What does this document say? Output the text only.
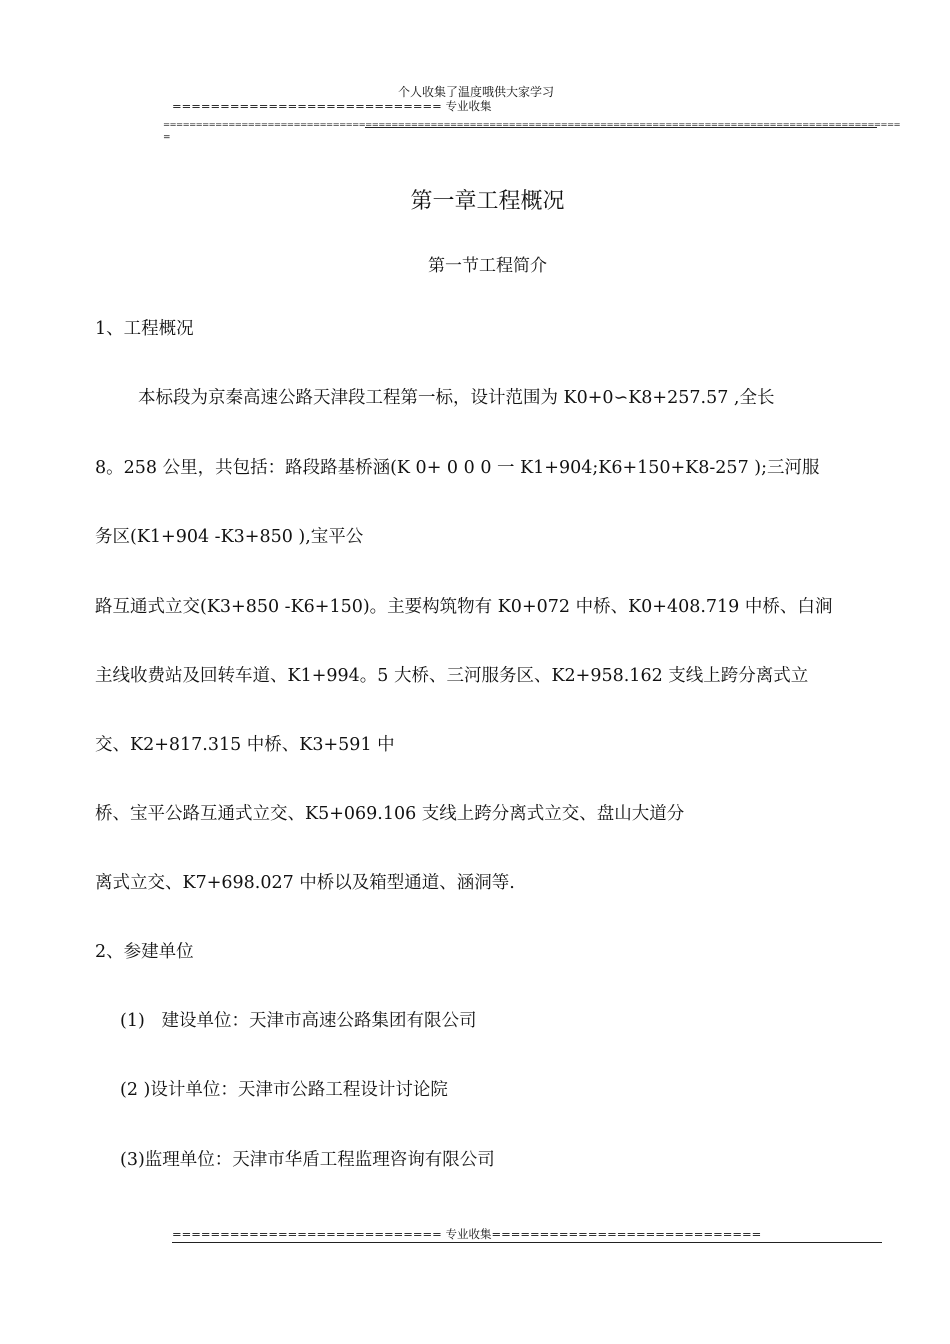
个人收集了温度哦供大家学习
============================ 专业收集
=================================================================================================================
=
第一章工程概况
第一节工程简介
1、工程概况
本标段为京秦高速公路天津段工程第一标，设计范围为 K0+0∽K8+257.57 ,全长
8。258 公里，共包括：路段路基桥涵(K 0+ 0 0 0 一 K1+904;K6+150+K8-257 );三河服
务区(K1+904 -K3+850 ),宝平公
路互通式立交(K3+850 -K6+150)。主要构筑物有 K0+072 中桥、K0+408.719 中桥、白涧
主线收费站及回转车道、K1+994。5 大桥、三河服务区、K2+958.162 支线上跨分离式立
交、K2+817.315 中桥、K3+591 中
桥、宝平公路互通式立交、K5+069.106 支线上跨分离式立交、盘山大道分
离式立交、K7+698.027 中桥以及箱型通道、涵洞等.
2、参建单位
(1)   建设单位：天津市高速公路集团有限公司
(2 )设计单位：天津市公路工程设计讨论院
(3)监理单位：天津市华盾工程监理咨询有限公司
============================ 专业收集============================
